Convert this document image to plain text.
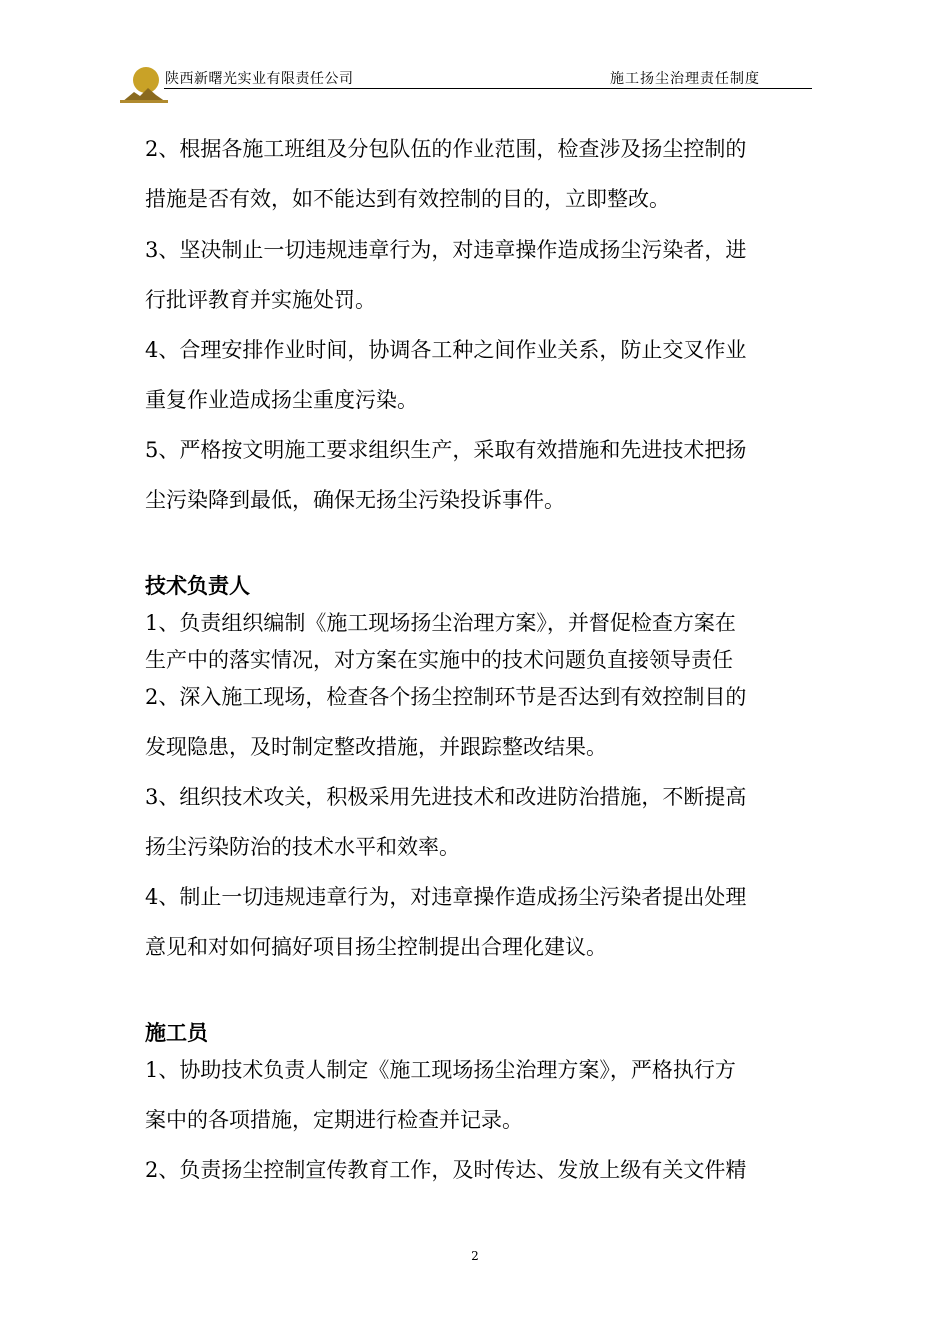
陕西新曙光实业有限责任公司	施工扬尘治理责任制度
2、根据各施工班组及分包队伍的作业范围，检查涉及扬尘控制的
措施是否有效，如不能达到有效控制的目的，立即整改。
3、坚决制止一切违规违章行为，对违章操作造成扬尘污染者，进
行批评教育并实施处罚。
4、合理安排作业时间，协调各工种之间作业关系，防止交叉作业
重复作业造成扬尘重度污染。
5、严格按文明施工要求组织生产，采取有效措施和先进技术把扬
尘污染降到最低，确保无扬尘污染投诉事件。
技术负责人
1、负责组织编制《施工现场扬尘治理方案》，并督促检查方案在
生产中的落实情况，对方案在实施中的技术问题负直接领导责任
2、深入施工现场，检查各个扬尘控制环节是否达到有效控制目的
发现隐患，及时制定整改措施，并跟踪整改结果。
3、组织技术攻关，积极采用先进技术和改进防治措施，不断提高
扬尘污染防治的技术水平和效率。
4、制止一切违规违章行为，对违章操作造成扬尘污染者提出处理
意见和对如何搞好项目扬尘控制提出合理化建议。
施工员
1、协助技术负责人制定《施工现场扬尘治理方案》，严格执行方
案中的各项措施，定期进行检查并记录。
2、负责扬尘控制宣传教育工作，及时传达、发放上级有关文件精
2
